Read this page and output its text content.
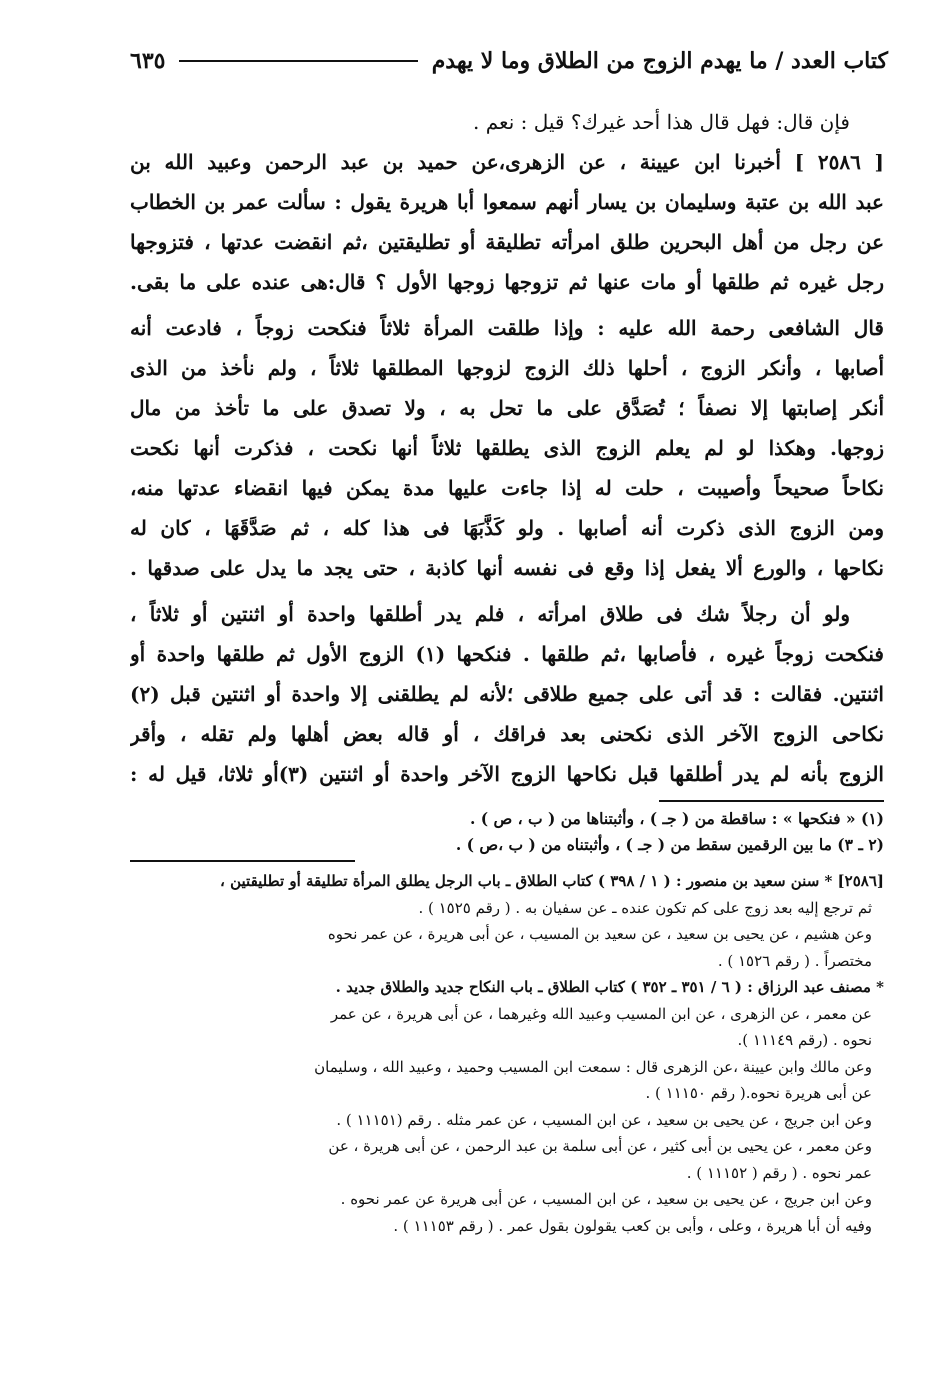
كتاب العدد / ما يهدم الزوج من الطلاق وما لا يهدم
٦٣٥
فإن قال: فهل قال هذا أحد غيرك؟ قيل : نعم .
[ ٢٥٨٦ ] أخبرنا ابن عيينة ، عن الزهرى،عن حميد بن عبد الرحمن وعبيد الله بن
عبد الله بن عتبة وسليمان بن يسار أنهم سمعوا أبا هريرة يقول : سألت عمر بن الخطاب
عن رجل من أهل البحرين طلق امرأته تطليقة أو تطليقتين ،ثم انقضت عدتها ، فتزوجها
رجل غيره ثم طلقها أو مات عنها ثم تزوجها زوجها الأول ؟ قال:هى عنده على ما بقى.
قال الشافعى رحمة الله عليه : وإذا طلقت المرأة ثلاثاً فنكحت زوجاً ، فادعت أنه
أصابها ، وأنكر الزوج ، أحلها ذلك الزوج لزوجها المطلقها ثلاثاً ، ولم نأخذ من الذى
أنكر إصابتها إلا نصفاً ؛ تُصَدَّق على ما تحل به ، ولا تصدق على ما تأخذ من مال
زوجها. وهكذا لو لم يعلم الزوج الذى يطلقها ثلاثاً أنها نكحت ، فذكرت أنها نكحت
نكاحاً صحيحاً وأصيبت ، حلت له إذا جاءت عليها مدة يمكن فيها انقضاء عدتها منه،
ومن الزوج الذى ذكرت أنه أصابها . ولو كَذَّبَهَا فى هذا كله ، ثم صَدَّقَهَا ، كان له
نكاحها ، والورع ألا يفعل إذا وقع فى نفسه أنها كاذبة ، حتى يجد ما يدل على صدقها .
ولو أن رجلاً شك فى طلاق امرأته ، فلم يدر أطلقها واحدة أو اثنتين أو ثلاثاً ،
فنكحت زوجاً غيره ، فأصابها ،ثم طلقها . فنكحها (١) الزوج الأول ثم طلقها واحدة أو
اثنتين. فقالت : قد أتى على جميع طلاقى ؛لأنه لم يطلقنى إلا واحدة أو اثنتين قبل (٢)
نكاحى الزوج الآخر الذى نكحنى بعد فراقك ، أو قاله بعض أهلها ولم تقله ، وأقر
الزوج بأنه لم يدر أطلقها قبل نكاحها الزوج الآخر واحدة أو اثنتين (٣)أو ثلاثا، قيل له :
(١) « فنكحها » : ساقطة من ( جـ ) ، وأثبتناها من ( ب ، ص ) .
(٢ ـ ٣) ما بين الرقمين سقط من ( جـ ) ، وأثبتناه من ( ب ،ص ) .
[٢٥٨٦] * سنن سعيد بن منصور : ( ١ / ٣٩٨ ) كتاب الطلاق ـ باب الرجل يطلق المرأة تطليقة أو تطليقتين ،
ثم ترجع إليه بعد زوج على كم تكون عنده ـ عن سفيان به . ( رقم ١٥٢٥ ) .
وعن هشيم ، عن يحيى بن سعيد ، عن سعيد بن المسيب ، عن أبى هريرة ، عن عمر نحوه
مختصراً . ( رقم ١٥٢٦ ) .
* مصنف عبد الرزاق : ( ٦ / ٣٥١ ـ ٣٥٢ ) كتاب الطلاق ـ باب النكاح جديد والطلاق جديد .
عن معمر ، عن الزهرى ، عن ابن المسيب وعبيد الله وغيرهما ، عن أبى هريرة ، عن عمر
نحوه . (رقم ١١١٤٩ ).
وعن مالك وابن عيينة ،عن الزهرى قال : سمعت ابن المسيب وحميد ، وعبيد الله ، وسليمان
عن أبى هريرة نحوه.( رقم ١١١٥٠ ) .
وعن ابن جريج ، عن يحيى بن سعيد ، عن ابن المسيب ، عن عمر مثله . رقم (١١١٥١ ) .
وعن معمر ، عن يحيى بن أبى كثير ، عن أبى سلمة بن عبد الرحمن ، عن أبى هريرة ، عن
عمر نحوه . ( رقم ( ١١١٥٢ ) .
وعن ابن جريج ، عن يحيى بن سعيد ، عن ابن المسيب ، عن أبى هريرة عن عمر نحوه .
وفيه أن أبا هريرة ، وعلى ، وأبى بن كعب يقولون بقول عمر . ( رقم ١١١٥٣ ) .
